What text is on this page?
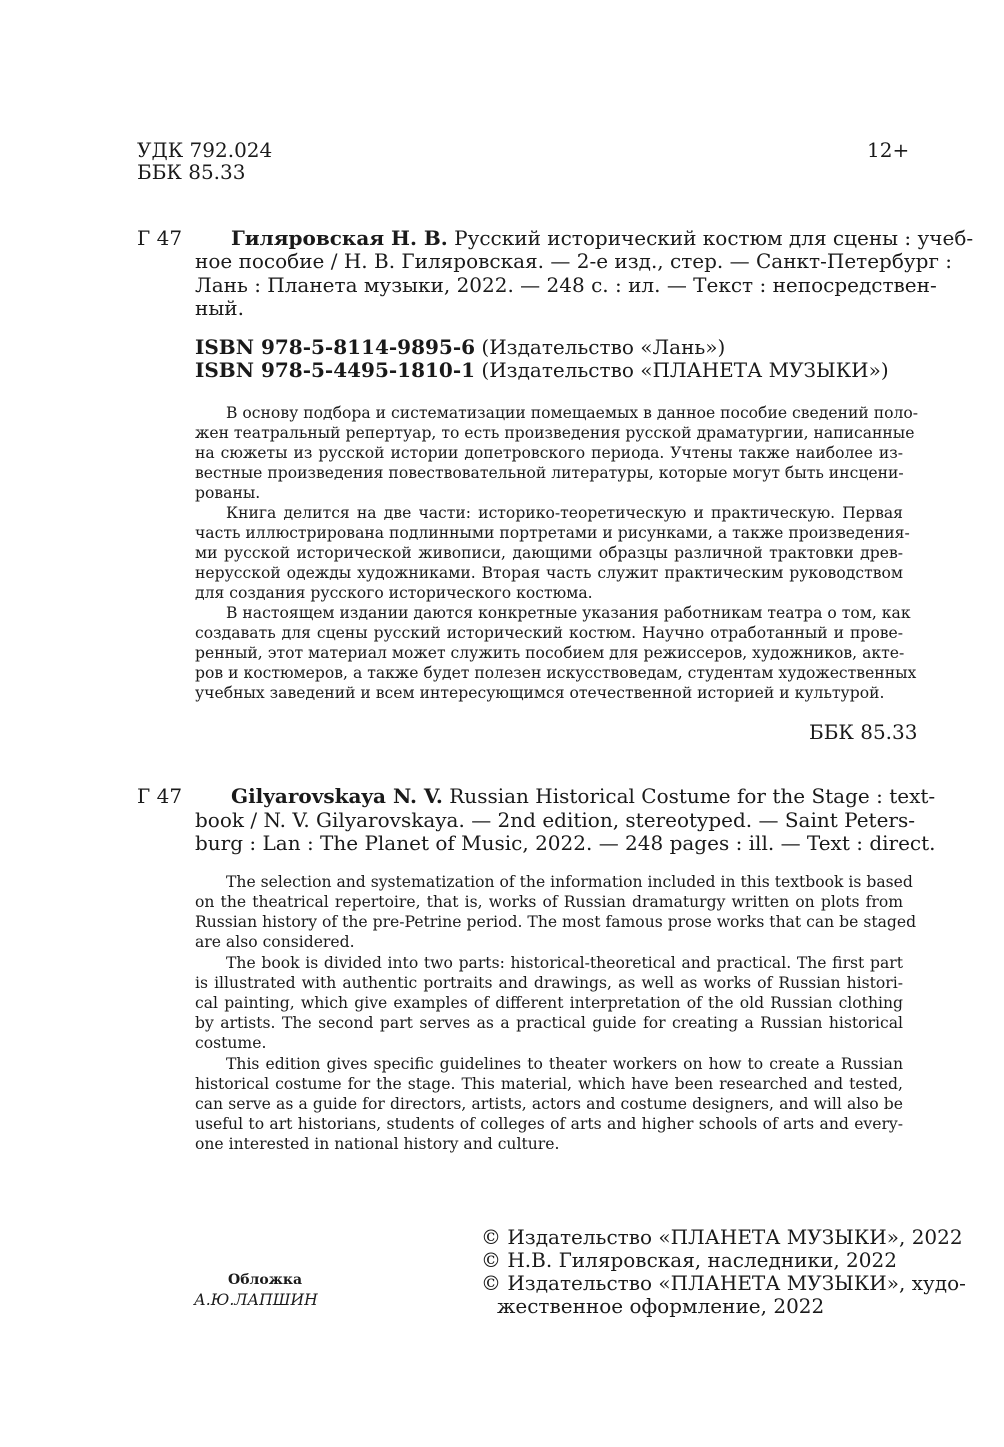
УДК 792.024
ББК 85.33
12+
Г 47 Гиляровская Н. В. Русский исторический костюм для сцены : учеб-
ное пособие / Н. В. Гиляровская. — 2-е изд., стер. — Санкт-Петербург :
Лань : Планета музыки, 2022. — 248 с. : ил. — Текст : непосредствен-
ный.
ISBN 978-5-8114-9895-6 (Издательство «Лань»)
ISBN 978-5-4495-1810-1 (Издательство «ПЛАНЕТА МУЗЫКИ»)
В основу подбора и систематизации помещаемых в данное пособие сведений поло-
жен театральный репертуар, то есть произведения русской драматургии, написанные
на сюжеты из русской истории допетровского периода. Учтены также наиболее из-
вестные произведения повествовательной литературы, которые могут быть инсцени-
рованы.
Книга делится на две части: историко-теоретическую и практическую. Первая
часть иллюстрирована подлинными портретами и рисунками, а также произведения-
ми русской исторической живописи, дающими образцы различной трактовки древ-
нерусской одежды художниками. Вторая часть служит практическим руководством
для создания русского исторического костюма.
В настоящем издании даются конкретные указания работникам театра о том, как
создавать для сцены русский исторический костюм. Научно отработанный и прове-
ренный, этот материал может служить пособием для режиссеров, художников, акте-
ров и костюмеров, а также будет полезен искусствоведам, студентам художественных
учебных заведений и всем интересующимся отечественной историей и культурой.
ББК 85.33
Г 47 Gilyarovskaya N. V. Russian Historical Costume for the Stage : text-
book / N. V. Gilyarovskaya. — 2nd edition, stereotyped. — Saint Peters-
burg : Lan : The Planet of Music, 2022. — 248 pages : ill. — Text : direct.
The selection and systematization of the information included in this textbook is based
on the theatrical repertoire, that is, works of Russian dramaturgy written on plots from
Russian history of the pre-Petrine period. The most famous prose works that can be staged
are also considered.
The book is divided into two parts: historical-theoretical and practical. The first part
is illustrated with authentic portraits and drawings, as well as works of Russian histori-
cal painting, which give examples of different interpretation of the old Russian clothing
by artists. The second part serves as a practical guide for creating a Russian historical
costume.
This edition gives specific guidelines to theater workers on how to create a Russian
historical costume for the stage. This material, which have been researched and tested,
can serve as a guide for directors, artists, actors and costume designers, and will also be
useful to art historians, students of colleges of arts and higher schools of arts and every-
one interested in national history and culture.
Обложка
А.Ю.ЛАПШИН
© Издательство «ПЛАНЕТА МУЗЫКИ», 2022
© Н.В. Гиляровская, наследники, 2022
© Издательство «ПЛАНЕТА МУЗЫКИ», худо-
жественное оформление, 2022
